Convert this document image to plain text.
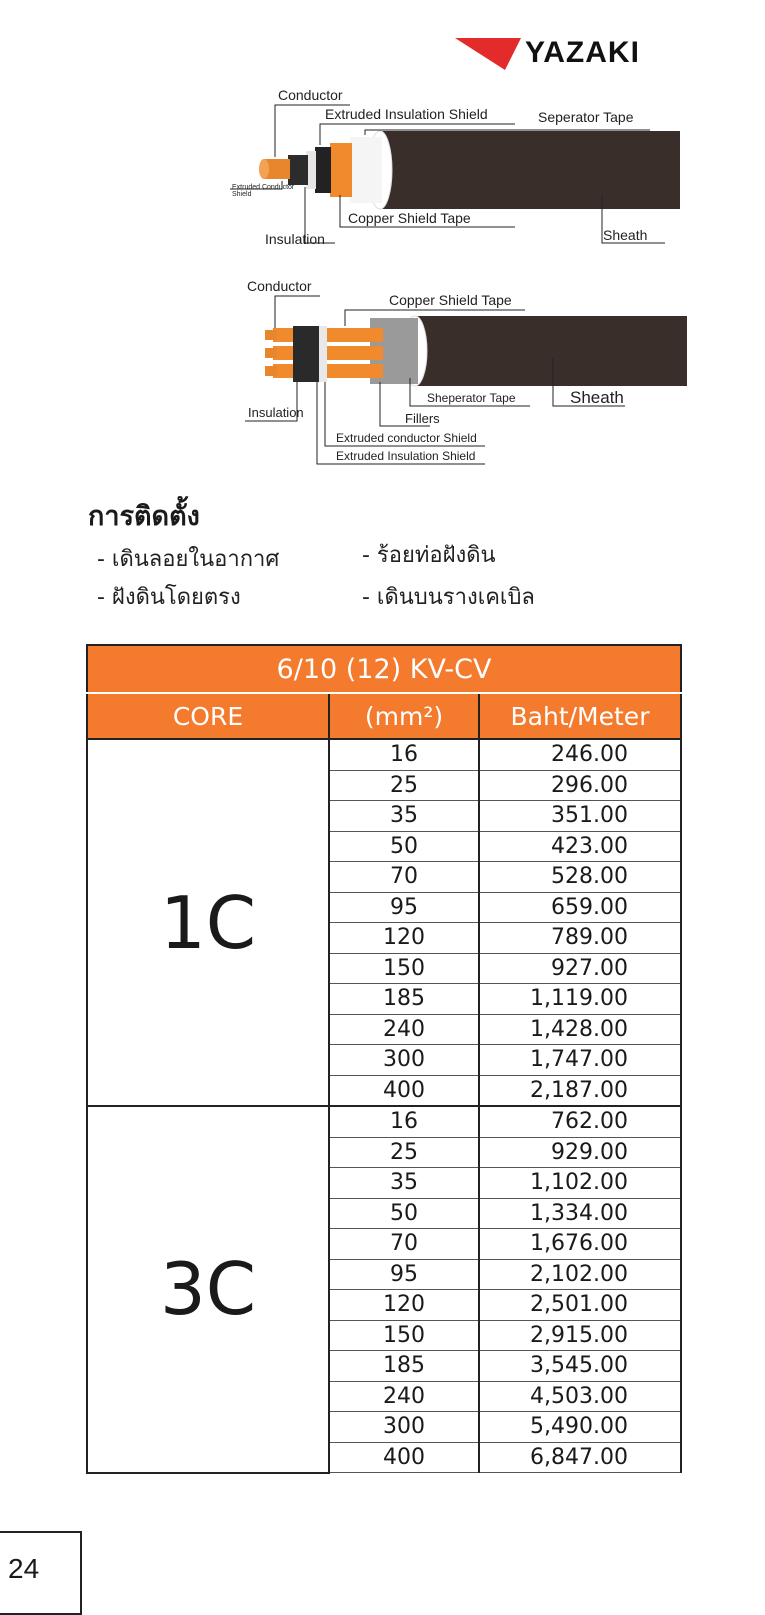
YAZAKI
Conductor
Extruded Insulation Shield	Seperator Tape
Extruded Conductor Shield
Copper Shield Tape
Insulation	Sheath
Conductor
Copper Shield Tape
Sheath
Sheperator Tape
Insulation	Fillers
Extruded conductor Shield
Extruded Insulation Shield
การติดตั้ง
- เดินลอยในอากาศ	- ร้อยท่อฝังดิน
- ฝังดินโดยตรง	- เดินบนรางเคเบิล
6/10 (12) KV-CV		
CORE	(mm²)	Baht/Meter
1C	16	246.00
	25	296.00
	35	351.00
	50	423.00
	70	528.00
	95	659.00
	120	789.00
	150	927.00
	185	1,119.00
	240	1,428.00
	300	1,747.00
	400	2,187.00
3C	16	762.00
	25	929.00
	35	1,102.00
	50	1,334.00
	70	1,676.00
	95	2,102.00
	120	2,501.00
	150	2,915.00
	185	3,545.00
	240	4,503.00
	300	5,490.00
	400	6,847.00
24
